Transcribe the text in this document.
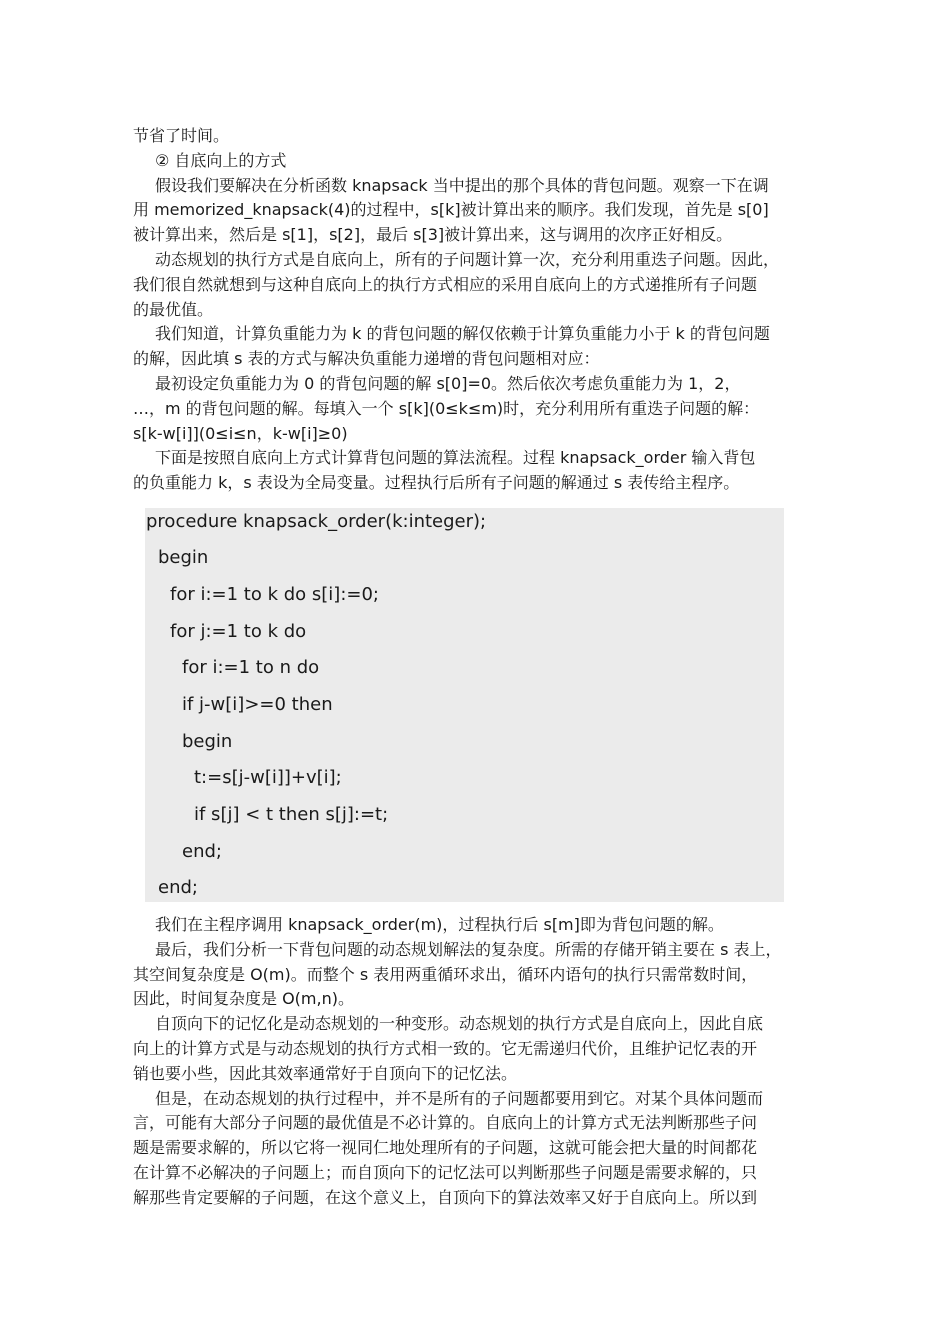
节省了时间。
② 自底向上的方式
假设我们要解决在分析函数 knapsack 当中提出的那个具体的背包问题。观察一下在调
用 memorized_knapsack(4)的过程中，s[k]被计算出来的顺序。我们发现，首先是 s[0]
被计算出来，然后是 s[1]，s[2]，最后 s[3]被计算出来，这与调用的次序正好相反。
动态规划的执行方式是自底向上，所有的子问题计算一次，充分利用重迭子问题。因此，
我们很自然就想到与这种自底向上的执行方式相应的采用自底向上的方式递推所有子问题
的最优值。
我们知道，计算负重能力为 k 的背包问题的解仅依赖于计算负重能力小于 k 的背包问题
的解，因此填 s 表的方式与解决负重能力递增的背包问题相对应：
最初设定负重能力为 0 的背包问题的解 s[0]=0。然后依次考虑负重能力为 1，2，
…，m 的背包问题的解。每填入一个 s[k](0≤k≤m)时，充分利用所有重迭子问题的解：
s[k-w[i]](0≤i≤n，k-w[i]≥0)
下面是按照自底向上方式计算背包问题的算法流程。过程 knapsack_order 输入背包
的负重能力 k，s 表设为全局变量。过程执行后所有子问题的解通过 s 表传给主程序。
procedure knapsack_order(k:integer);
begin
for i:=1 to k do s[i]:=0;
for j:=1 to k do
for i:=1 to n do
if j-w[i]>=0 then
begin
t:=s[j-w[i]]+v[i];
if s[j] < t then s[j]:=t;
end;
end;
我们在主程序调用 knapsack_order(m)，过程执行后 s[m]即为背包问题的解。
最后，我们分析一下背包问题的动态规划解法的复杂度。所需的存储开销主要在 s 表上，
其空间复杂度是 O(m)。而整个 s 表用两重循环求出，循环内语句的执行只需常数时间，
因此，时间复杂度是 O(m,n)。
自顶向下的记忆化是动态规划的一种变形。动态规划的执行方式是自底向上，因此自底
向上的计算方式是与动态规划的执行方式相一致的。它无需递归代价，且维护记忆表的开
销也要小些，因此其效率通常好于自顶向下的记忆法。
但是，在动态规划的执行过程中，并不是所有的子问题都要用到它。对某个具体问题而
言，可能有大部分子问题的最优值是不必计算的。自底向上的计算方式无法判断那些子问
题是需要求解的，所以它将一视同仁地处理所有的子问题，这就可能会把大量的时间都花
在计算不必解决的子问题上；而自顶向下的记忆法可以判断那些子问题是需要求解的，只
解那些肯定要解的子问题，在这个意义上，自顶向下的算法效率又好于自底向上。所以到
